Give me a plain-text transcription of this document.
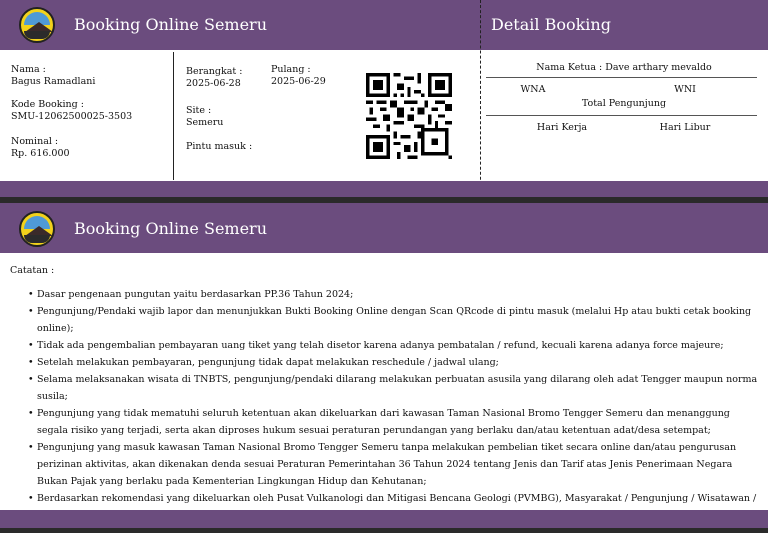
Booking Online Semeru	Detail Booking
Nama :
Bagus Ramadlani
Kode Booking :
SMU-12062500025-3503
Nominal :
Rp. 616.000
Berangkat :
2025-06-28
Pulang :
2025-06-29
Site :
Semeru
Pintu masuk :
Nama Ketua : Dave arthary mevaldo
WNA	WNI
Total Pengunjung
Hari Kerja	Hari Libur
Booking Online Semeru
Catatan :
• Dasar pengenaan pungutan yaitu berdasarkan PP.36 Tahun 2024;
• Pengunjung/Pendaki wajib lapor dan menunjukkan Bukti Booking Online dengan Scan QRcode di pintu masuk (melalui Hp atau bukti cetak booking online);
• Tidak ada pengembalian pembayaran uang tiket yang telah disetor karena adanya pembatalan / refund, kecuali karena adanya force majeure;
• Setelah melakukan pembayaran, pengunjung tidak dapat melakukan reschedule / jadwal ulang;
• Selama melaksanakan wisata di TNBTS, pengunjung/pendaki dilarang melakukan perbuatan asusila yang dilarang oleh adat Tengger maupun norma susila;
• Pengunjung yang tidak mematuhi seluruh ketentuan akan dikeluarkan dari kawasan Taman Nasional Bromo Tengger Semeru dan menanggung segala risiko yang terjadi, serta akan diproses hukum sesuai peraturan perundangan yang berlaku dan/atau ketentuan adat/desa setempat;
• Pengunjung yang masuk kawasan Taman Nasional Bromo Tengger Semeru tanpa melakukan pembelian tiket secara online dan/atau pengurusan perizinan aktivitas, akan dikenakan denda sesuai Peraturan Pemerintahan 36 Tahun 2024 tentang Jenis dan Tarif atas Jenis Penerimaan Negara Bukan Pajak yang berlaku pada Kementerian Lingkungan Hidup dan Kehutanan;
• Berdasarkan rekomendasi yang dikeluarkan oleh Pusat Vulkanologi dan Mitigasi Bencana Geologi (PVMBG), Masyarakat / Pengunjung / Wisatawan /
